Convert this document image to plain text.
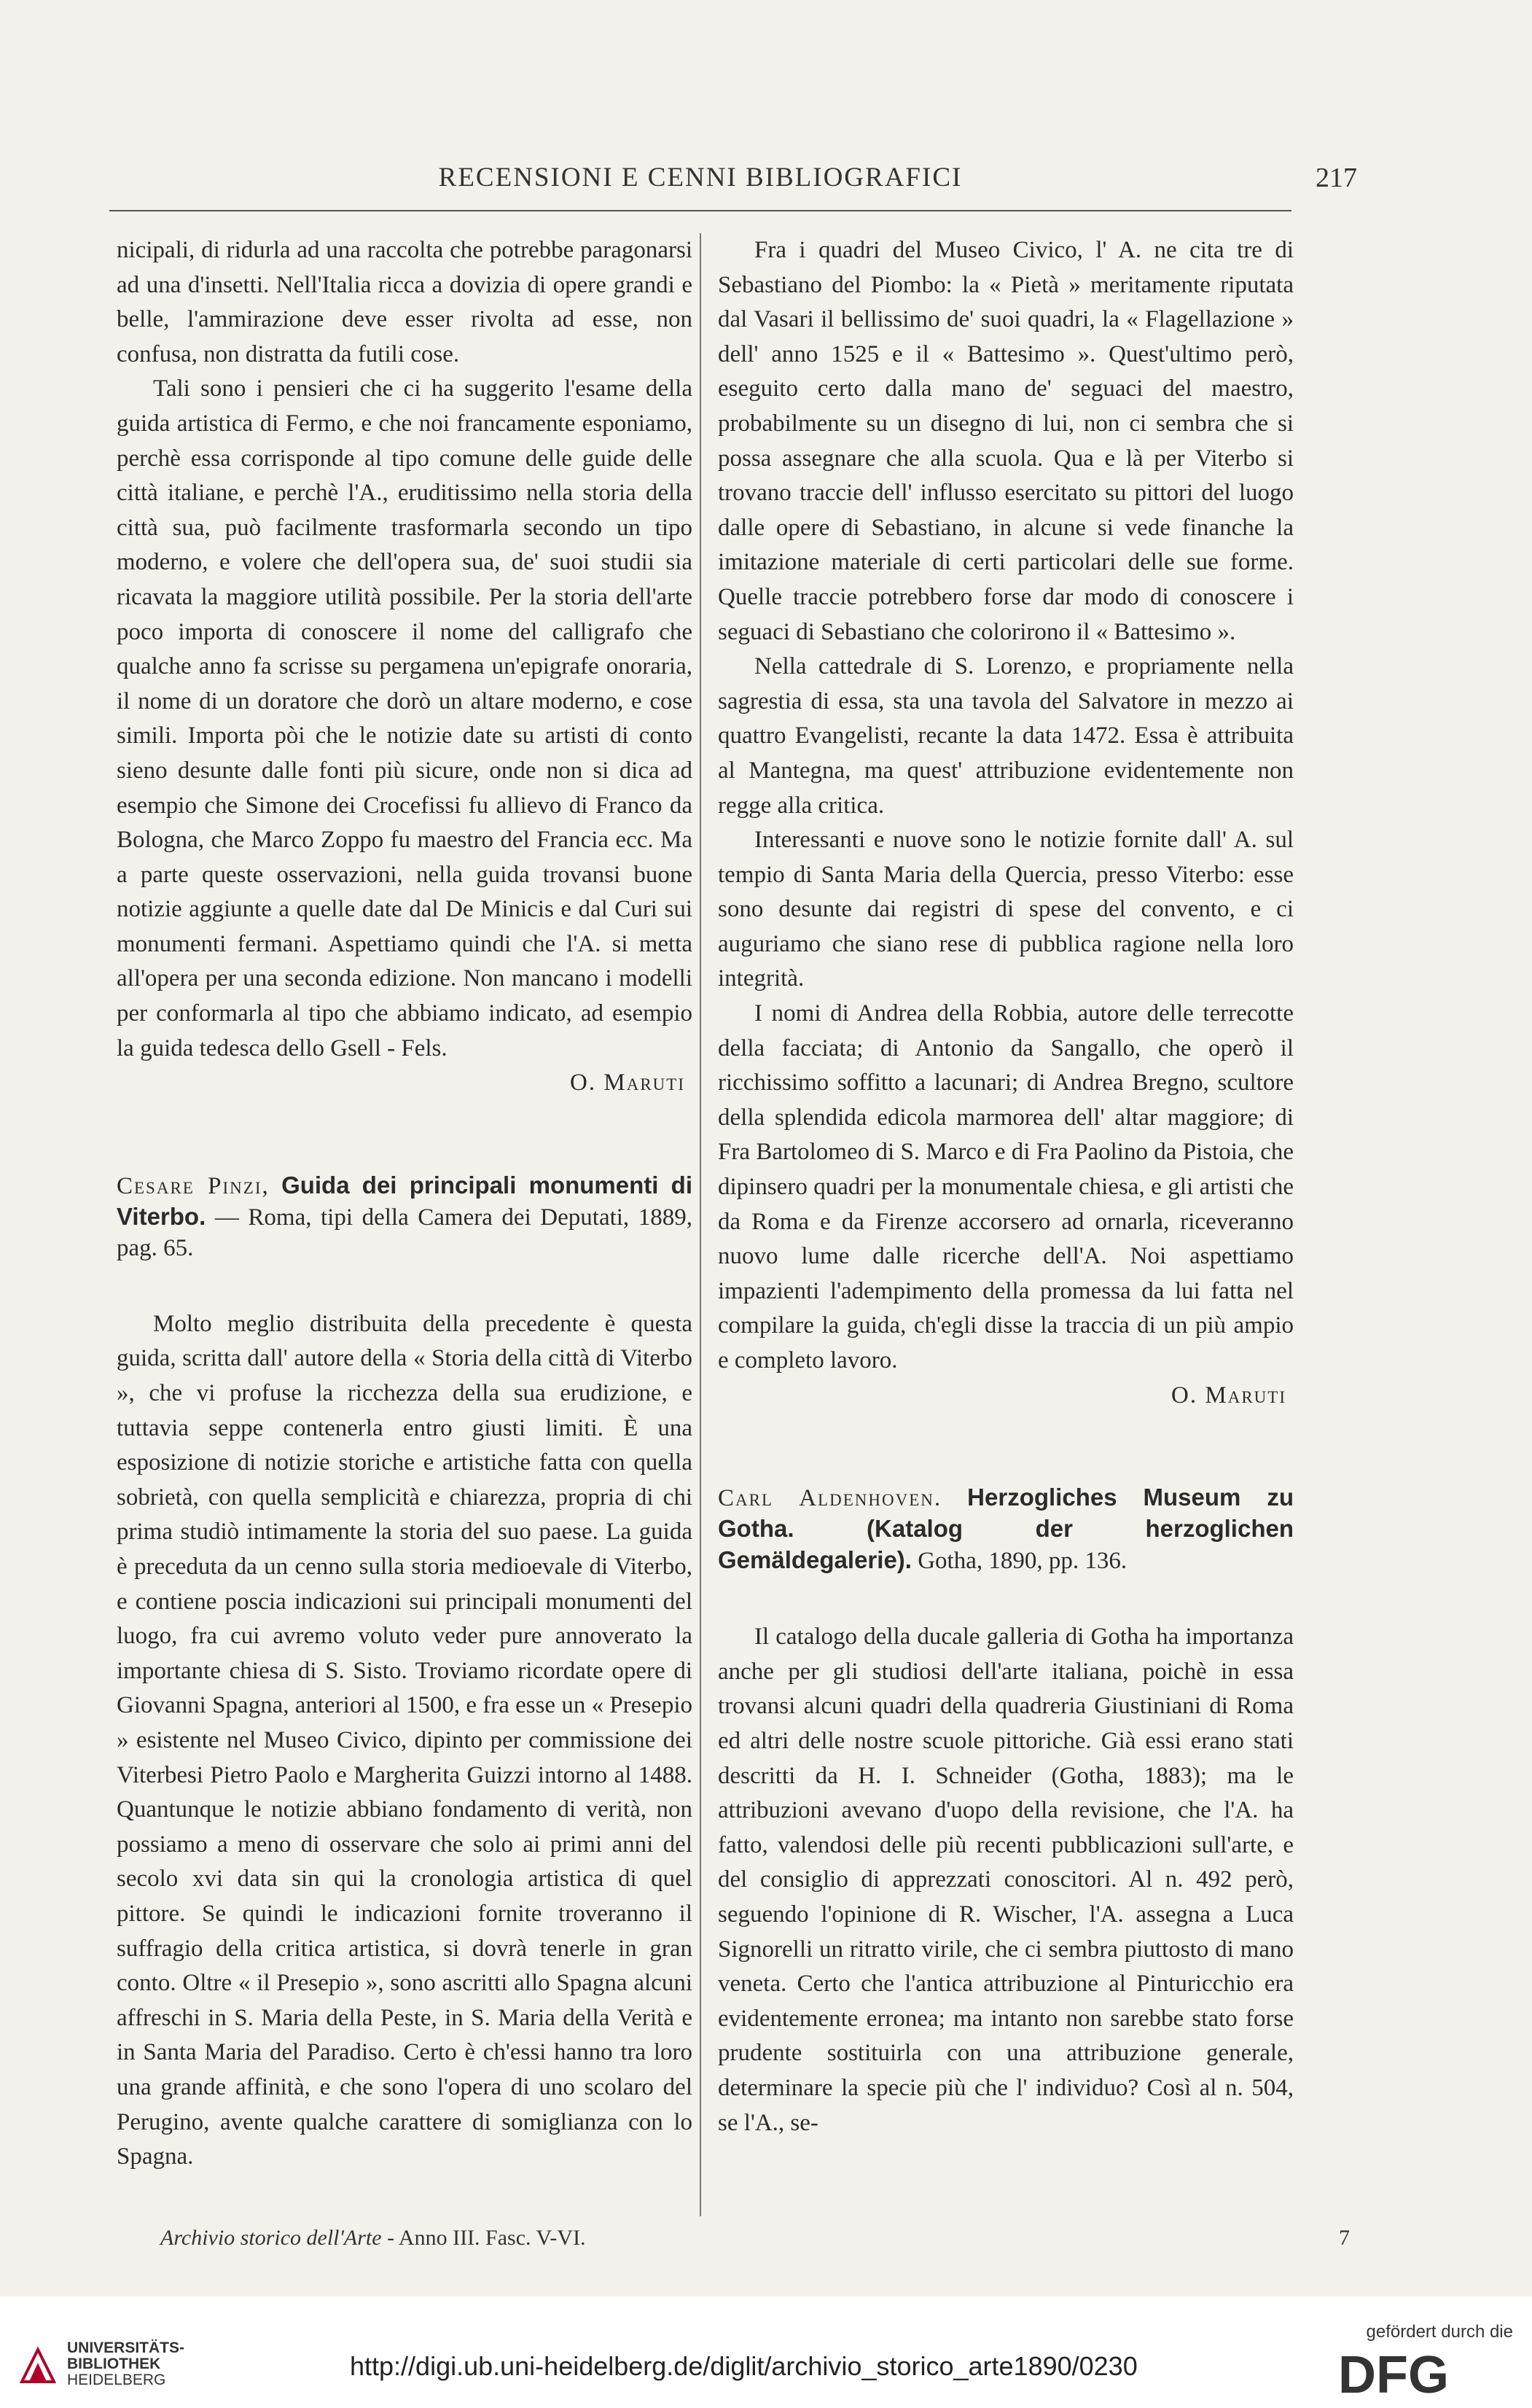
RECENSIONI E CENNI BIBLIOGRAFICI	217

nicipali, di ridurla ad una raccolta che potrebbe paragonarsi ad una d'insetti. Nell'Italia ricca a dovizia di opere grandi e belle, l'ammirazione deve esser rivolta ad esse, non confusa, non distratta da futili cose.

Tali sono i pensieri che ci ha suggerito l'esame della guida artistica di Fermo, e che noi francamente esponiamo, perchè essa corrisponde al tipo comune delle guide delle città italiane, e perchè l'A., eruditissimo nella storia della città sua, può facilmente trasformarla secondo un tipo moderno, e volere che dell'opera sua, de' suoi studii sia ricavata la maggiore utilità possibile. Per la storia dell'arte poco importa di conoscere il nome del calligrafo che qualche anno fa scrisse su pergamena un'epigrafe onoraria, il nome di un doratore che dorò un altare moderno, e cose simili. Importa pòi che le notizie date su artisti di conto sieno desunte dalle fonti più sicure, onde non si dica ad esempio che Simone dei Crocefissi fu allievo di Franco da Bologna, che Marco Zoppo fu maestro del Francia ecc. Ma a parte queste osservazioni, nella guida trovansi buone notizie aggiunte a quelle date dal De Minicis e dal Curi sui monumenti fermani. Aspettiamo quindi che l'A. si metta all'opera per una seconda edizione. Non mancano i modelli per conformarla al tipo che abbiamo indicato, ad esempio la guida tedesca dello Gsell - Fels.

O. Maruti

Cesare Pinzi, Guida dei principali monumenti di Viterbo. — Roma, tipi della Camera dei Deputati, 1889, pag. 65.

Molto meglio distribuita della precedente è questa guida, scritta dall' autore della « Storia della città di Viterbo », che vi profuse la ricchezza della sua erudizione, e tuttavia seppe contenerla entro giusti limiti. È una esposizione di notizie storiche e artistiche fatta con quella sobrietà, con quella semplicità e chiarezza, propria di chi prima studiò intimamente la storia del suo paese. La guida è preceduta da un cenno sulla storia medioevale di Viterbo, e contiene poscia indicazioni sui principali monumenti del luogo, fra cui avremo voluto veder pure annoverato la importante chiesa di S. Sisto. Troviamo ricordate opere di Giovanni Spagna, anteriori al 1500, e fra esse un « Presepio » esistente nel Museo Civico, dipinto per commissione dei Viterbesi Pietro Paolo e Margherita Guizzi intorno al 1488. Quantunque le notizie abbiano fondamento di verità, non possiamo a meno di osservare che solo ai primi anni del secolo xvi data sin qui la cronologia artistica di quel pittore. Se quindi le indicazioni fornite troveranno il suffragio della critica artistica, si dovrà tenerle in gran conto. Oltre « il Presepio », sono ascritti allo Spagna alcuni affreschi in S. Maria della Peste, in S. Maria della Verità e in Santa Maria del Paradiso. Certo è ch'essi hanno tra loro una grande affinità, e che sono l'opera di uno scolaro del Perugino, avente qualche carattere di somiglianza con lo Spagna.

Fra i quadri del Museo Civico, l' A. ne cita tre di Sebastiano del Piombo: la « Pietà » meritamente riputata dal Vasari il bellissimo de' suoi quadri, la « Flagellazione » dell' anno 1525 e il « Battesimo ». Quest'ultimo però, eseguito certo dalla mano de' seguaci del maestro, probabilmente su un disegno di lui, non ci sembra che si possa assegnare che alla scuola. Qua e là per Viterbo si trovano traccie dell' influsso esercitato su pittori del luogo dalle opere di Sebastiano, in alcune si vede finanche la imitazione materiale di certi particolari delle sue forme. Quelle traccie potrebbero forse dar modo di conoscere i seguaci di Sebastiano che colorirono il « Battesimo ».

Nella cattedrale di S. Lorenzo, e propriamente nella sagrestia di essa, sta una tavola del Salvatore in mezzo ai quattro Evangelisti, recante la data 1472. Essa è attribuita al Mantegna, ma quest' attribuzione evidentemente non regge alla critica.

Interessanti e nuove sono le notizie fornite dall' A. sul tempio di Santa Maria della Quercia, presso Viterbo: esse sono desunte dai registri di spese del convento, e ci auguriamo che siano rese di pubblica ragione nella loro integrità.

I nomi di Andrea della Robbia, autore delle terrecotte della facciata; di Antonio da Sangallo, che operò il ricchissimo soffitto a lacunari; di Andrea Bregno, scultore della splendida edicola marmorea dell' altar maggiore; di Fra Bartolomeo di S. Marco e di Fra Paolino da Pistoia, che dipinsero quadri per la monumentale chiesa, e gli artisti che da Roma e da Firenze accorsero ad ornarla, riceveranno nuovo lume dalle ricerche dell'A. Noi aspettiamo impazienti l'adempimento della promessa da lui fatta nel compilare la guida, ch'egli disse la traccia di un più ampio e completo lavoro.

O. Maruti

Carl Aldenhoven. Herzogliches Museum zu Gotha. (Katalog der herzoglichen Gemäldegalerie). Gotha, 1890, pp. 136.

Il catalogo della ducale galleria di Gotha ha importanza anche per gli studiosi dell'arte italiana, poichè in essa trovansi alcuni quadri della quadreria Giustiniani di Roma ed altri delle nostre scuole pittoriche. Già essi erano stati descritti da H. I. Schneider (Gotha, 1883); ma le attribuzioni avevano d'uopo della revisione, che l'A. ha fatto, valendosi delle più recenti pubblicazioni sull'arte, e del consiglio di apprezzati conoscitori. Al n. 492 però, seguendo l'opinione di R. Wischer, l'A. assegna a Luca Signorelli un ritratto virile, che ci sembra piuttosto di mano veneta. Certo che l'antica attribuzione al Pinturicchio era evidentemente erronea; ma intanto non sarebbe stato forse prudente sostituirla con una attribuzione generale, determinare la specie più che l' individuo? Così al n. 504, se l'A., se-

Archivio storico dell'Arte - Anno III. Fasc. V-VI.	7
UNIVERSITÄTS-
BIBLIOTHEK
HEIDELBERG	http://digi.ub.uni-heidelberg.de/diglit/archivio_storico_arte1890/0230
gefördert durch die
DFG
